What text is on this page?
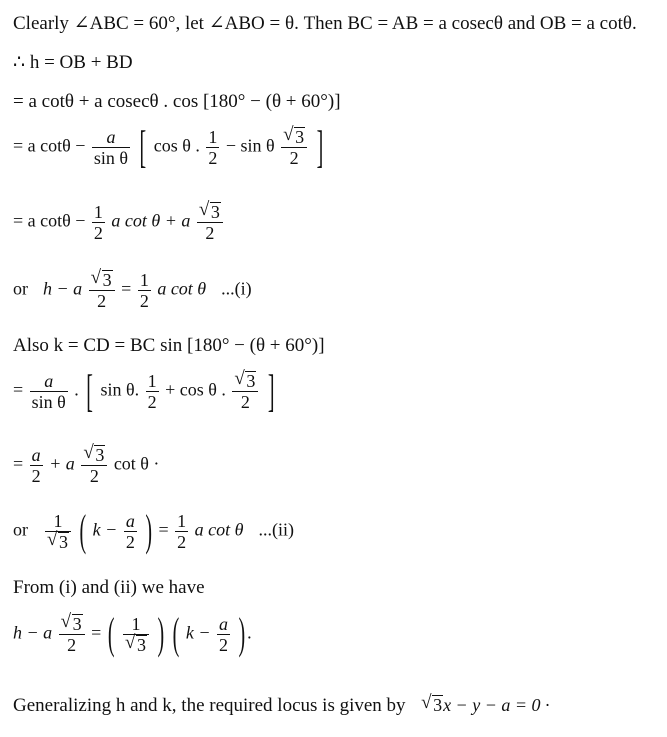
Clearly ∠ABC = 60°, let ∠ABO = θ. Then BC = AB = a cosecθ and OB = a cotθ.
∴ h = OB + BD
= a cotθ + a cosecθ . cos [180° − (θ + 60°)]
= a $\cot\theta - \frac{a}{\text{sin θ}}$ [ cos θ . $\frac{1}{2} - \sin \theta$ √ $\frac{3}{2}$ ]
= a $\cot\theta - \frac{1}{2}$ a cot θ + a √ $\frac{3}{2}$
or h − a √ $\frac{3}{2} = \frac{1}{2}$ a cot θ ...(i)
Also k = CD = BC sin [180° − (θ + 60°)]
= $\frac{a}{\text{sin θ}}$ . [ sin θ. $\frac{1}{2} + \cos \theta$ . √ $\frac{3}{2}$ ]
= $\frac{a}{2} + a$ √ $\frac{3}{2}$ cot θ ·
or 1
√ 3 ( $k - \frac{a}{2}$ ) = $\frac{1}{2}$ a cot θ ...(ii)
From (i) and (ii) we have
h − a √ $\frac{3}{2}$ = ( 1
√ 3 ) ( $k - \frac{a}{2}$ ) .
Generalizing h and k, the required locus is given by √ 3x − y − a = 0 ·
